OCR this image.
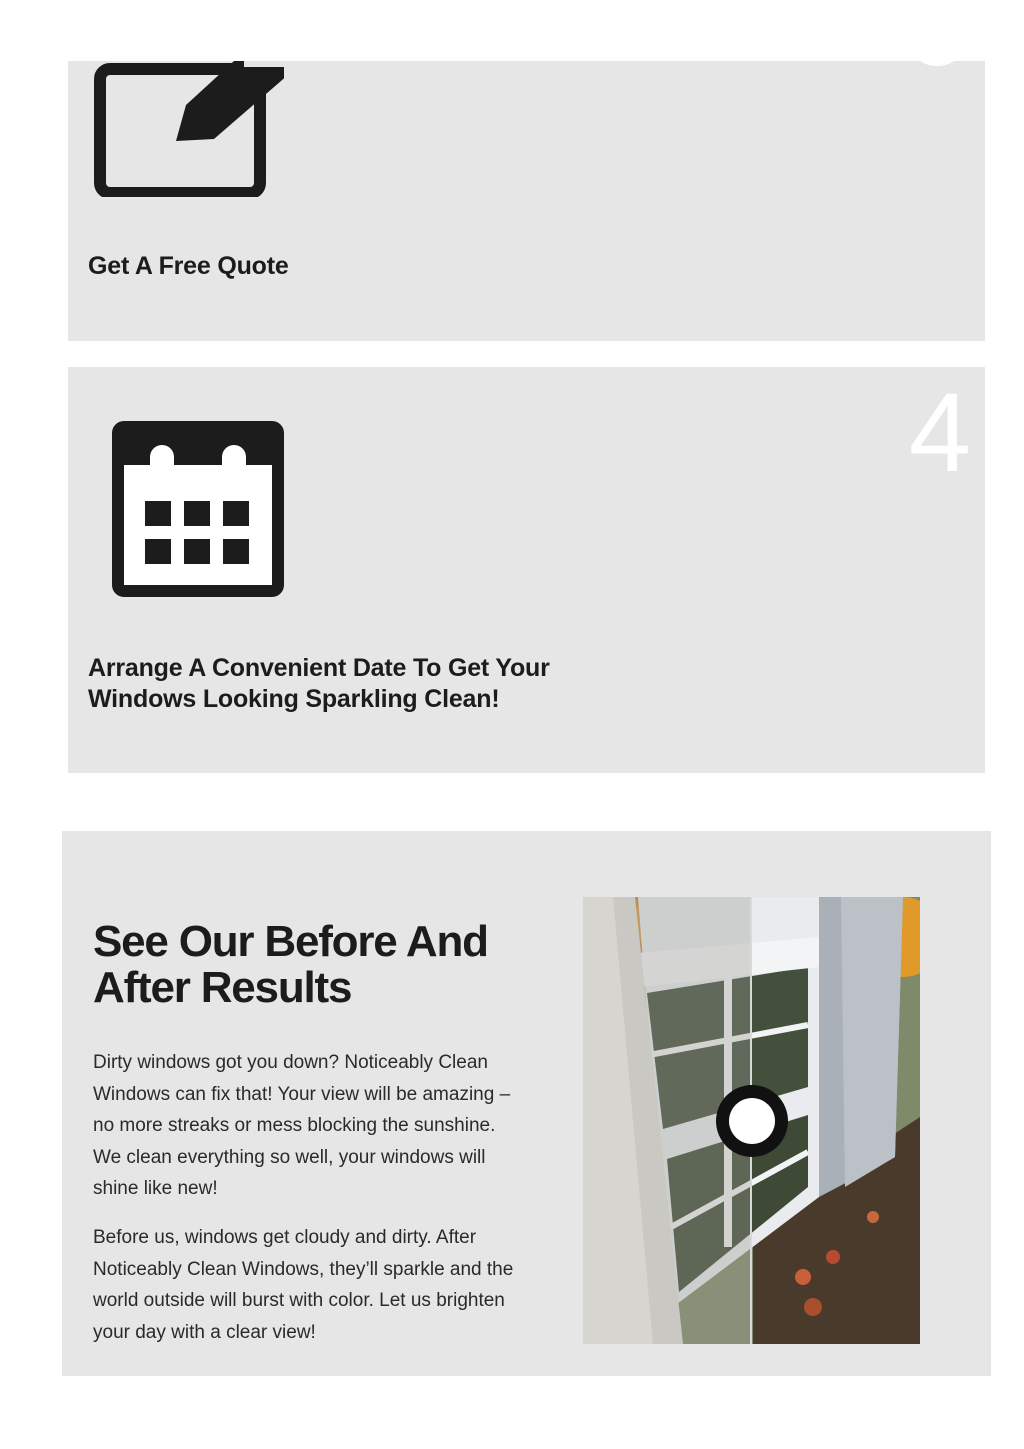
Get A Free Quote
4
Arrange A Convenient Date To Get Your Windows Looking Sparkling Clean!
See Our Before And After Results

Dirty windows got you down? Noticeably Clean Windows can fix that! Your view will be amazing – no more streaks or mess blocking the sunshine. We clean everything so well, your windows will shine like new!

Before us, windows get cloudy and dirty. After Noticeably Clean Windows, they’ll sparkle and the world outside will burst with color. Let us brighten your day with a clear view!
